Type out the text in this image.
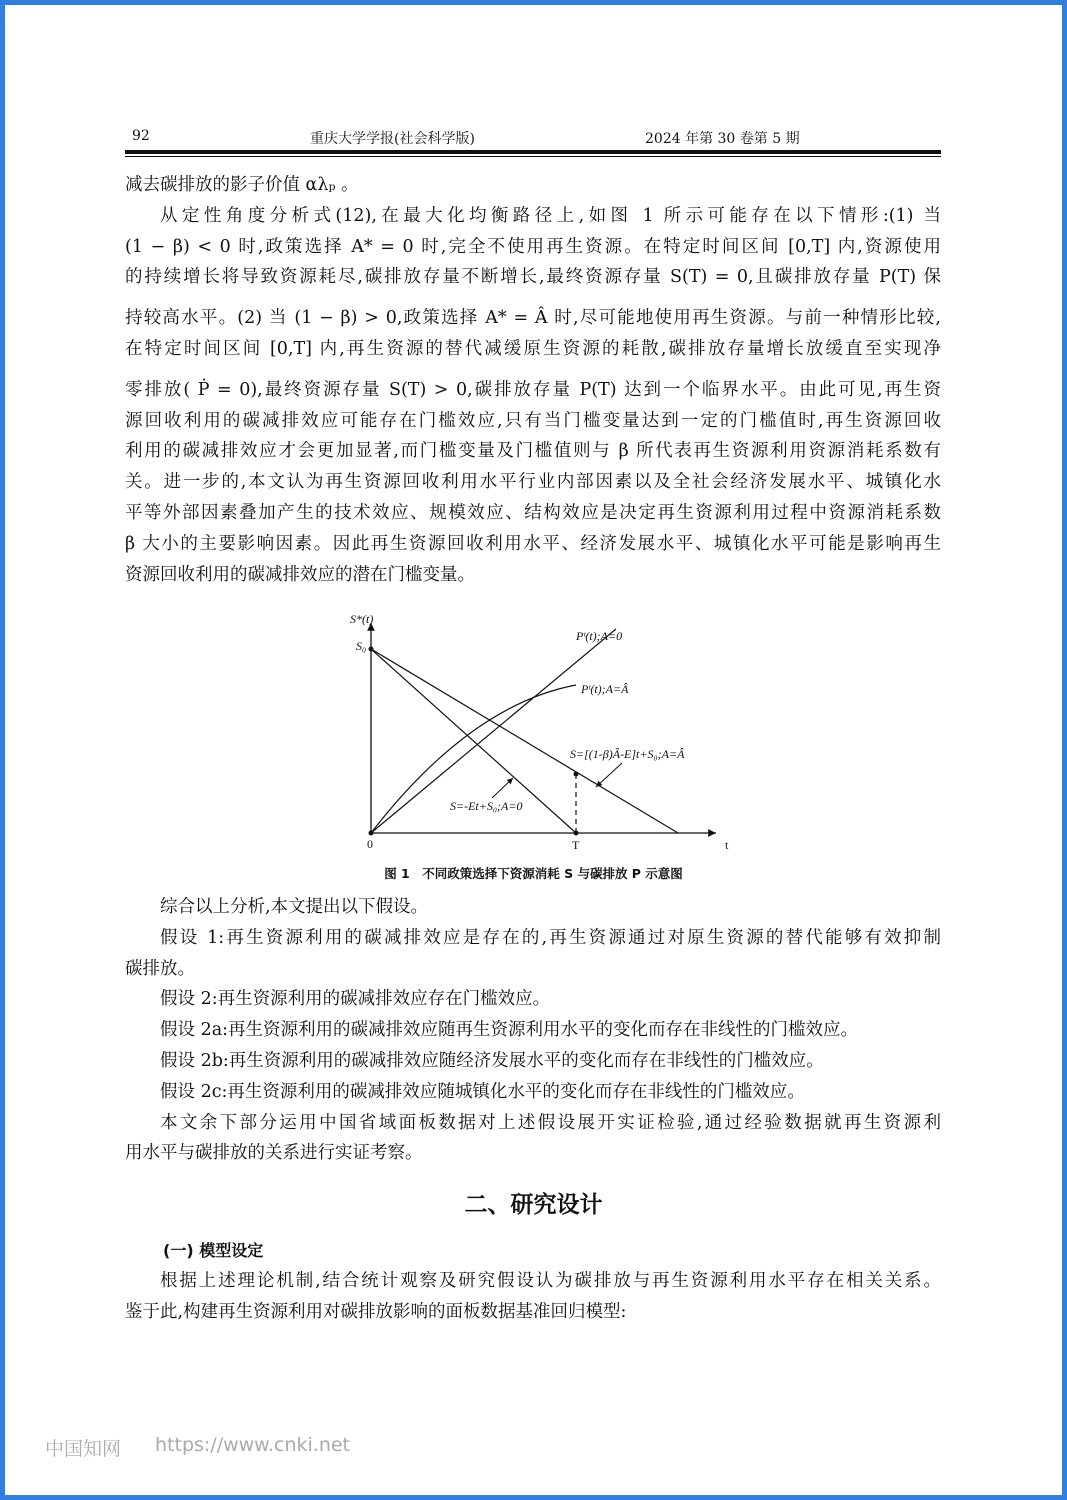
92	重庆大学学报(社会科学版)	2024 年第 30 卷第 5 期

减去碳排放的影子价值 αλₚ 。

从定性角度分析式(12),在最大化均衡路径上,如图 1 所示可能存在以下情形:(1) 当

(1 − β) < 0 时,政策选择 A* = 0 时,完全不使用再生资源。在特定时间区间 [0,T] 内,资源使用

的持续增长将导致资源耗尽,碳排放存量不断增长,最终资源存量 S(T) = 0,且碳排放存量 P(T) 保

持较高水平。(2) 当 (1 − β) > 0,政策选择 A* = Â 时,尽可能地使用再生资源。与前一种情形比较,

在特定时间区间 [0,T] 内,再生资源的替代减缓原生资源的耗散,碳排放存量增长放缓直至实现净

零排放( Ṗ = 0),最终资源存量 S(T) > 0,碳排放存量 P(T) 达到一个临界水平。由此可见,再生资

源回收利用的碳减排效应可能存在门槛效应,只有当门槛变量达到一定的门槛值时,再生资源回收

利用的碳减排效应才会更加显著,而门槛变量及门槛值则与 β 所代表再生资源利用资源消耗系数有

关。进一步的,本文认为再生资源回收利用水平行业内部因素以及全社会经济发展水平、城镇化水

平等外部因素叠加产生的技术效应、规模效应、结构效应是决定再生资源利用过程中资源消耗系数

β 大小的主要影响因素。因此再生资源回收利用水平、经济发展水平、城镇化水平可能是影响再生

资源回收利用的碳减排效应的潜在门槛变量。

S*(t)
S₀
0	T	t
Pᵗ(t);A=0
Pᵗ(t);A=Â
S=[(1-β)Â-E]t+S₀;A=Â
S=-Et+S₀;A=0
图 1　不同政策选择下资源消耗 S 与碳排放 P 示意图

综合以上分析,本文提出以下假设。

假设 1:再生资源利用的碳减排效应是存在的,再生资源通过对原生资源的替代能够有效抑制

碳排放。

假设 2:再生资源利用的碳减排效应存在门槛效应。

假设 2a:再生资源利用的碳减排效应随再生资源利用水平的变化而存在非线性的门槛效应。

假设 2b:再生资源利用的碳减排效应随经济发展水平的变化而存在非线性的门槛效应。

假设 2c:再生资源利用的碳减排效应随城镇化水平的变化而存在非线性的门槛效应。

本文余下部分运用中国省域面板数据对上述假设展开实证检验,通过经验数据就再生资源利

用水平与碳排放的关系进行实证考察。

二、研究设计
(一) 模型设定

根据上述理论机制,结合统计观察及研究假设认为碳排放与再生资源利用水平存在相关关系。

鉴于此,构建再生资源利用对碳排放影响的面板数据基准回归模型:

中国知网 https://www.cnki.net
